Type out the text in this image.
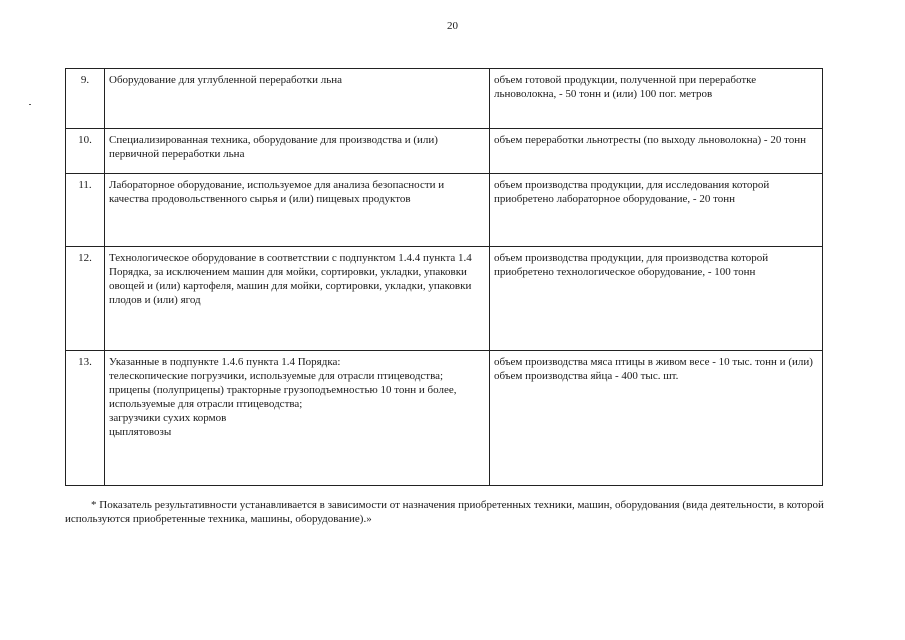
20
9.	Оборудование для углубленной переработки льна	объем готовой продукции, полученной при переработке льноволокна, - 50 тонн и (или) 100 пог. метров
10.	Специализированная техника, оборудование для производства и (или) первичной переработки льна	объем переработки льнотресты (по выходу льноволокна) - 20 тонн
11.	Лабораторное оборудование, используемое для анализа безопасности и качества продовольственного сырья и (или) пищевых продуктов	объем производства продукции, для исследования которой приобретено лабораторное оборудование, - 20 тонн
12.	Технологическое оборудование в соответствии с подпунктом 1.4.4 пункта 1.4 Порядка, за исключением машин для мойки, сортировки, укладки, упаковки овощей и (или) картофеля, машин для мойки, сортировки, укладки, упаковки плодов и (или) ягод	объем производства продукции, для производства которой приобретено технологическое оборудование, - 100 тонн
13.	Указанные в подпункте 1.4.6 пункта 1.4 Порядка:
телескопические погрузчики, используемые для отрасли птицеводства;
прицепы (полуприцепы) тракторные грузоподъемностью 10 тонн и более, используемые для отрасли птицеводства;
загрузчики сухих кормов
цыплятовозы	объем производства мяса птицы в живом весе - 10 тыс. тонн и (или) объем производства яйца - 400 тыс. шт.
* Показатель результативности устанавливается в зависимости от назначения приобретенных техники, машин, оборудования (вида деятельности, в которой используются приобретенные техника, машины, оборудование).»
